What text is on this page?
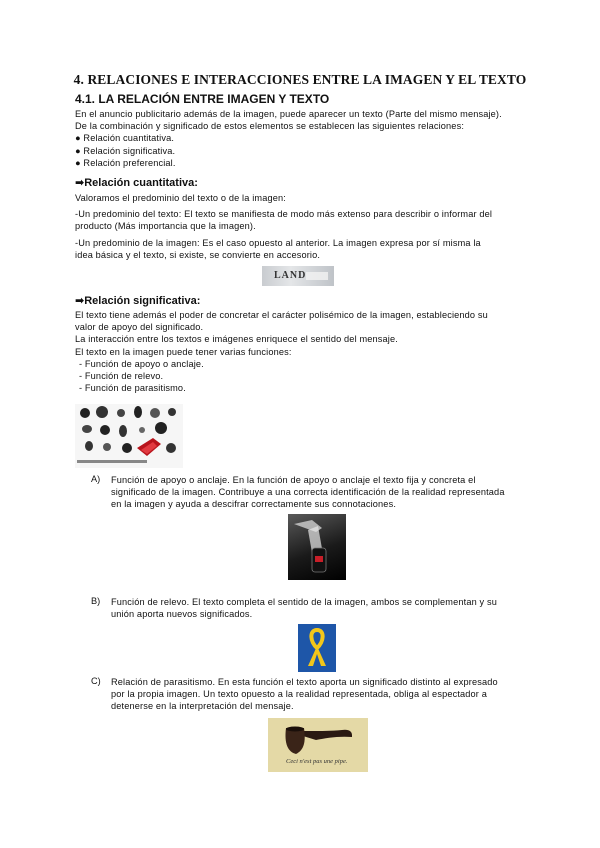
4. RELACIONES E INTERACCIONES ENTRE LA IMAGEN Y EL TEXTO

4.1. LA RELACIÓN ENTRE IMAGEN Y TEXTO

En el anuncio publicitario además de la imagen, puede aparecer un texto (Parte del mismo mensaje).
De la combinación y significado de estos elementos se establecen las siguientes relaciones:
● Relación cuantitativa.
● Relación significativa.
● Relación preferencial.

➡Relación cuantitativa:

Valoramos el predominio del texto o de la imagen:
-Un predominio del texto: El texto se manifiesta de modo más extenso para describir o informar del
producto (Más importancia que la imagen).
-Un predominio de la imagen: Es el caso opuesto al anterior. La imagen expresa por sí misma la
idea básica y el texto, si existe, se convierte en accesorio.
LAND

➡Relación significativa:

El texto tiene además el poder de concretar el carácter polisémico de la imagen, estableciendo su
valor de apoyo del significado.
La interacción entre los textos e imágenes enriquece el sentido del mensaje.
El texto en la imagen puede tener varias funciones:
- Función de apoyo o anclaje.
- Función de relevo.
- Función de parasitismo.
A) Función de apoyo o anclaje. En la función de apoyo o anclaje el texto fija y concreta el
significado de la imagen. Contribuye a una correcta identificación de la realidad representada
en la imagen y ayuda a descifrar correctamente sus connotaciones.
B) Función de relevo. El texto completa el sentido de la imagen, ambos se complementan y su
unión aporta nuevos significados.
C) Relación de parasitismo. En esta función el texto aporta un significado distinto al expresado
por la propia imagen. Un texto opuesto a la realidad representada, obliga al espectador a
detenerse en la interpretación del mensaje.
Ceci n'est pas une pipe.
